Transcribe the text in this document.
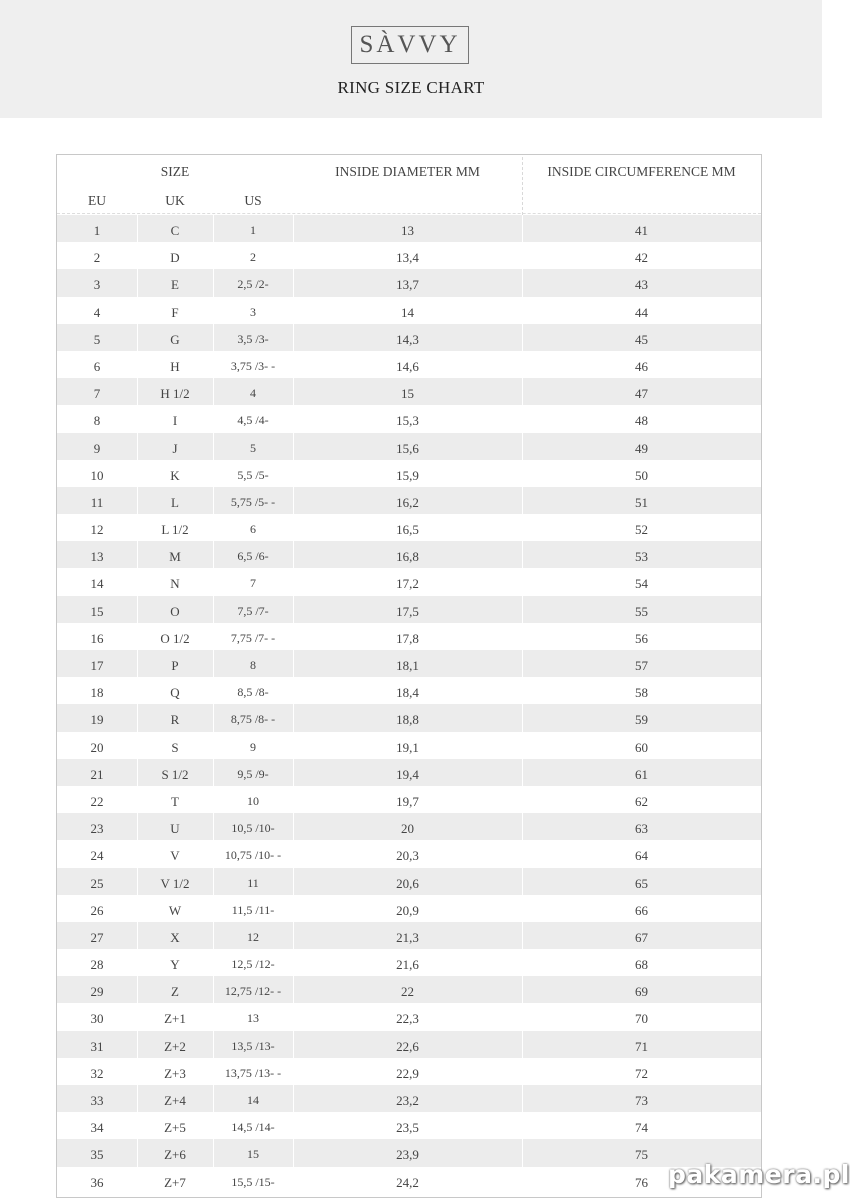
SÀVVY
RING SIZE CHART
SIZE
EU	UK	US
INSIDE DIAMETER MM	INSIDE CIRCUMFERENCE MM
1	C	1	13	41
2	D	2	13,4	42
3	E	2,5 /2-	13,7	43
4	F	3	14	44
5	G	3,5 /3-	14,3	45
6	H	3,75 /3- -	14,6	46
7	H 1/2	4	15	47
8	I	4,5 /4-	15,3	48
9	J	5	15,6	49
10	K	5,5 /5-	15,9	50
11	L	5,75 /5- -	16,2	51
12	L 1/2	6	16,5	52
13	M	6,5 /6-	16,8	53
14	N	7	17,2	54
15	O	7,5 /7-	17,5	55
16	O 1/2	7,75 /7- -	17,8	56
17	P	8	18,1	57
18	Q	8,5 /8-	18,4	58
19	R	8,75 /8- -	18,8	59
20	S	9	19,1	60
21	S 1/2	9,5 /9-	19,4	61
22	T	10	19,7	62
23	U	10,5 /10-	20	63
24	V	10,75 /10- -	20,3	64
25	V 1/2	11	20,6	65
26	W	11,5 /11-	20,9	66
27	X	12	21,3	67
28	Y	12,5 /12-	21,6	68
29	Z	12,75 /12- -	22	69
30	Z+1	13	22,3	70
31	Z+2	13,5 /13-	22,6	71
32	Z+3	13,75 /13- -	22,9	72
33	Z+4	14	23,2	73
34	Z+5	14,5 /14-	23,5	74
35	Z+6	15	23,9	75
36	Z+7	15,5 /15-	24,2	76 pakamera.pl
